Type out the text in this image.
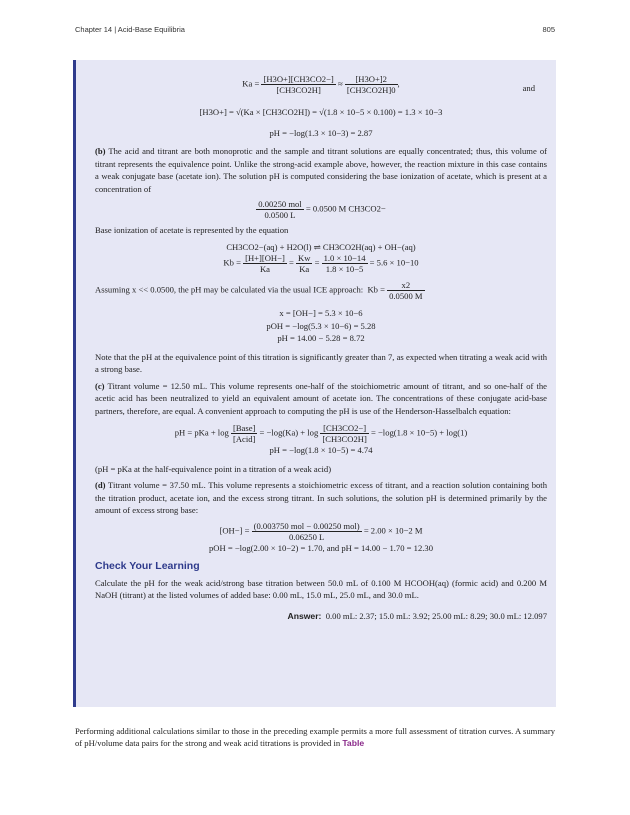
Chapter 14 | Acid-Base Equilibria	805
$Ka = \frac{[H3O+][CH3CO2-]}{[CH3CO2H]} \approx \frac{[H3O+]2}{[CH3CO2H]0}$ ,	and

[H3O+] = √(Ka × [CH3CO2H]) = √(1.8 × 10−5 × 0.100) = 1.3 × 10−3

pH = −log(1.3 × 10−3) = 2.87

(b) The acid and titrant are both monoprotic and the sample and titrant solutions are equally concentrated; thus, this volume of titrant represents the equivalence point. Unlike the strong-acid example above, however, the reaction mixture in this case contains a weak conjugate base (acetate ion). The solution pH is computed considering the base ionization of acetate, which is present at a concentration of

$\frac{\text{0.00250 mol}}{0.0500 L} = 0.0500$ M CH3CO2−

Base ionization of acetate is represented by the equation

CH3CO2−(aq) + H2O(l) ⇌ CH3CO2H(aq) + OH−(aq)

$Kb = \frac{[H+][OH-]}{Ka} = \frac{Kw}{Ka} = \frac{1.0 \times 10-14}{1.8 \times 10-5} = 5.6 \times 10-10$
Assuming x << 0.0500, the pH may be calculated via the usual ICE approach: $Kb = \frac{x2}{0.0500 M}$

x = [OH−] = 5.3 × 10−6

pOH = −log(5.3 × 10−6) = 5.28

pH = 14.00 − 5.28 = 8.72

Note that the pH at the equivalence point of this titration is significantly greater than 7, as expected when titrating a weak acid with a strong base.

(c) Titrant volume = 12.50 mL. This volume represents one-half of the stoichiometric amount of titrant, and so one-half of the acetic acid has been neutralized to yield an equivalent amount of acetate ion. The concentrations of these conjugate acid-base partners, therefore, are equal. A convenient approach to computing the pH is use of the Henderson-Hasselbalch equation:

pH = pKa + $\log \frac{\text{[Base]}}{\text{[Acid]}} = -\log(Ka) + \log \frac{[CH3CO2-]}{[CH3CO2H]} = -\log(1.8 \times 10-5) + \log(1)$

pH = −log(1.8 × 10−5) = 4.74

(pH = pKa at the half-equivalence point in a titration of a weak acid)

(d) Titrant volume = 37.50 mL. This volume represents a stoichiometric excess of titrant, and a reaction solution containing both the titration product, acetate ion, and the excess strong titrant. In such solutions, the solution pH is determined primarily by the amount of excess strong base:

$[OH-] = \frac{\text{(0.003750 mol − 0.00250 mol)}}{0.06250 L} = 2.00 \times 10-2$ M

pOH = −log(2.00 × 10−2) = 1.70, and pH = 14.00 − 1.70 = 12.30

Check Your Learning

Calculate the pH for the weak acid/strong base titration between 50.0 mL of 0.100 M HCOOH(aq) (formic acid) and 0.200 M NaOH (titrant) at the listed volumes of added base: 0.00 mL, 15.0 mL, 25.0 mL, and 30.0 mL.

Answer: 0.00 mL: 2.37; 15.0 mL: 3.92; 25.00 mL: 8.29; 30.0 mL: 12.097

Performing additional calculations similar to those in the preceding example permits a more full assessment of titration curves. A summary of pH/volume data pairs for the strong and weak acid titrations is provided in Table
